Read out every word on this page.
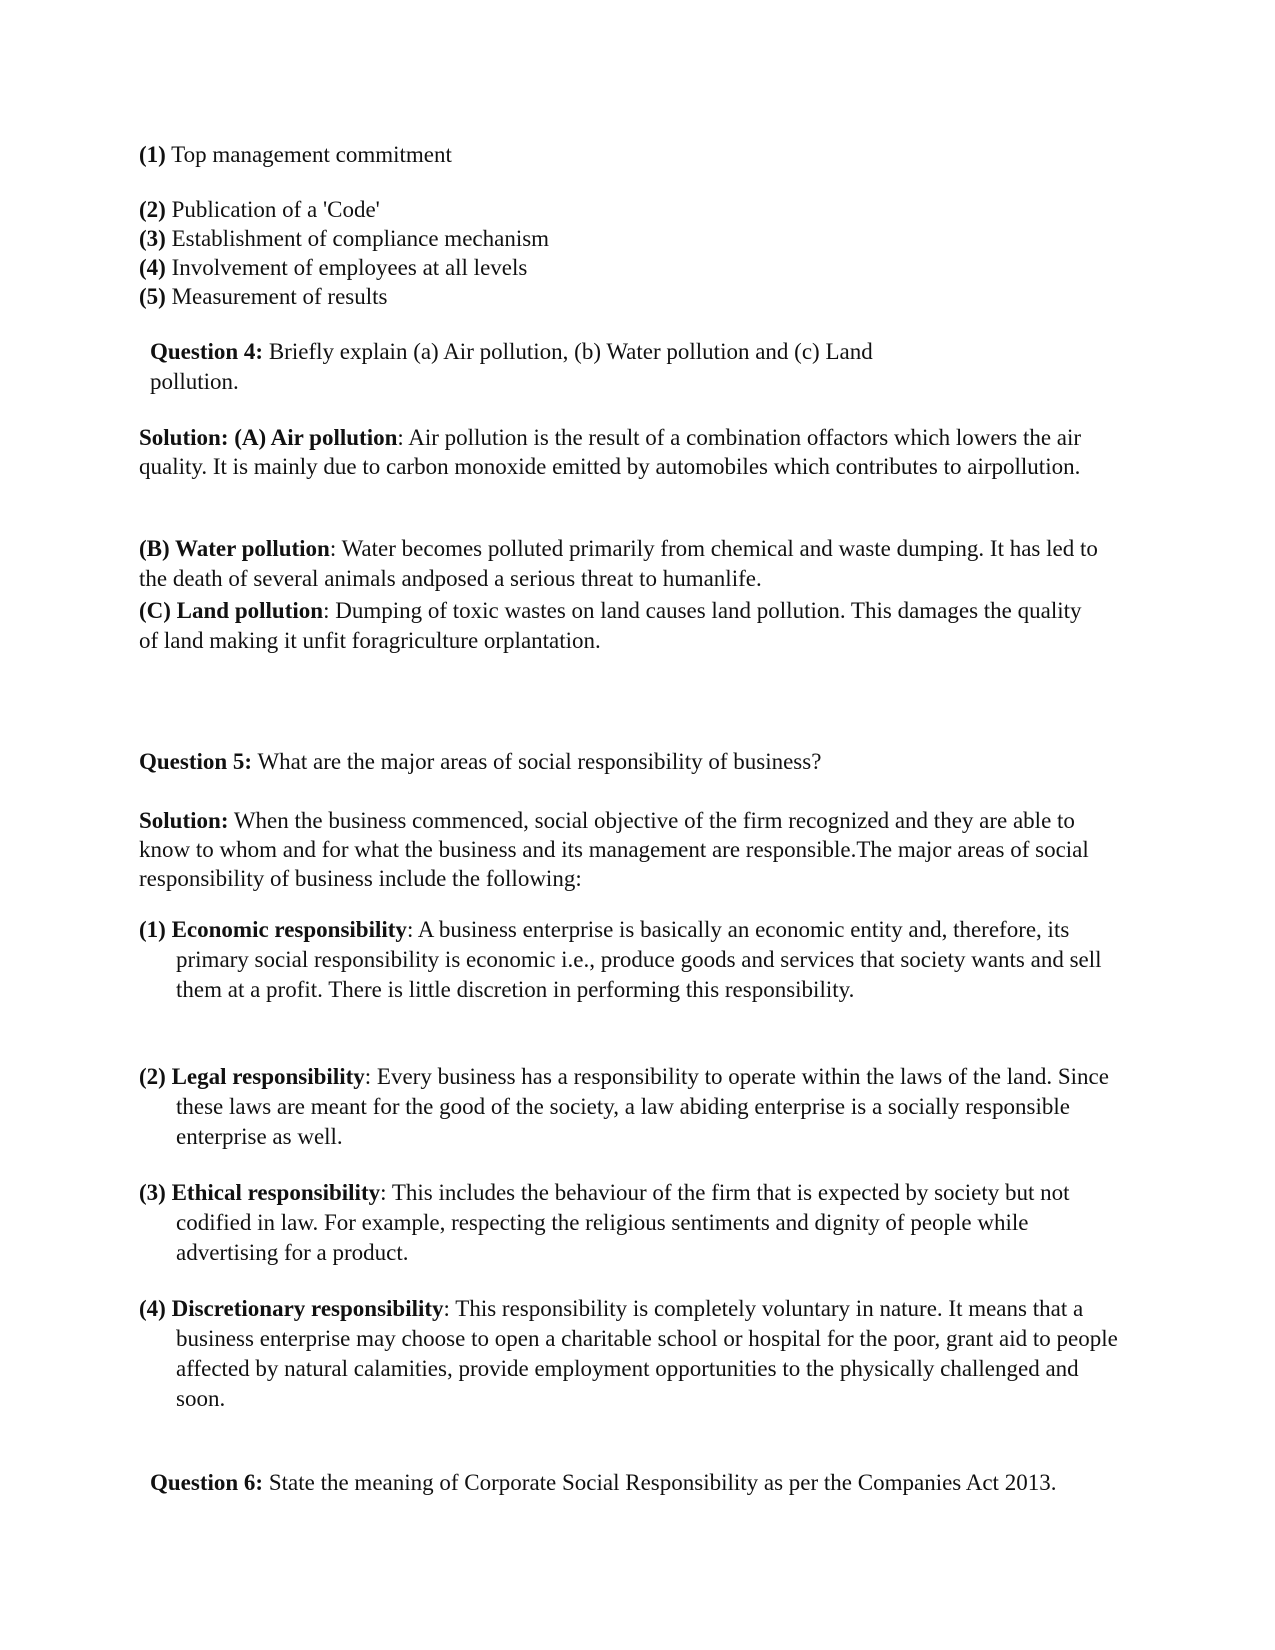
(1) Top management commitment

(2) Publication of a 'Code'

(3) Establishment of compliance mechanism

(4) Involvement of employees at all levels

(5) Measurement of results

Question 4: Briefly explain (a) Air pollution, (b) Water pollution and (c) Land pollution.

Solution: (A) Air pollution: Air pollution is the result of a combination offactors which lowers the air quality. It is mainly due to carbon monoxide emitted by automobiles which contributes to airpollution.

(B) Water pollution: Water becomes polluted primarily from chemical and waste dumping. It has led to the death of several animals andposed a serious threat to humanlife.

(C) Land pollution: Dumping of toxic wastes on land causes land pollution. This damages the quality of land making it unfit foragriculture orplantation.

Question 5: What are the major areas of social responsibility of business?

Solution: When the business commenced, social objective of the firm recognized and they are able to know to whom and for what the business and its management are responsible.The major areas of social responsibility of business include the following:

(1) Economic responsibility: A business enterprise is basically an economic entity and, therefore, its primary social responsibility is economic i.e., produce goods and services that society wants and sell them at a profit. There is little discretion in performing this responsibility.

(2) Legal responsibility: Every business has a responsibility to operate within the laws of the land. Since these laws are meant for the good of the society, a law abiding enterprise is a socially responsible enterprise as well.

(3) Ethical responsibility: This includes the behaviour of the firm that is expected by society but not codified in law. For example, respecting the religious sentiments and dignity of people while advertising for a product.

(4) Discretionary responsibility: This responsibility is completely voluntary in nature. It means that a business enterprise may choose to open a charitable school or hospital for the poor, grant aid to people affected by natural calamities, provide employment opportunities to the physically challenged and soon.

Question 6: State the meaning of Corporate Social Responsibility as per the Companies Act 2013.
